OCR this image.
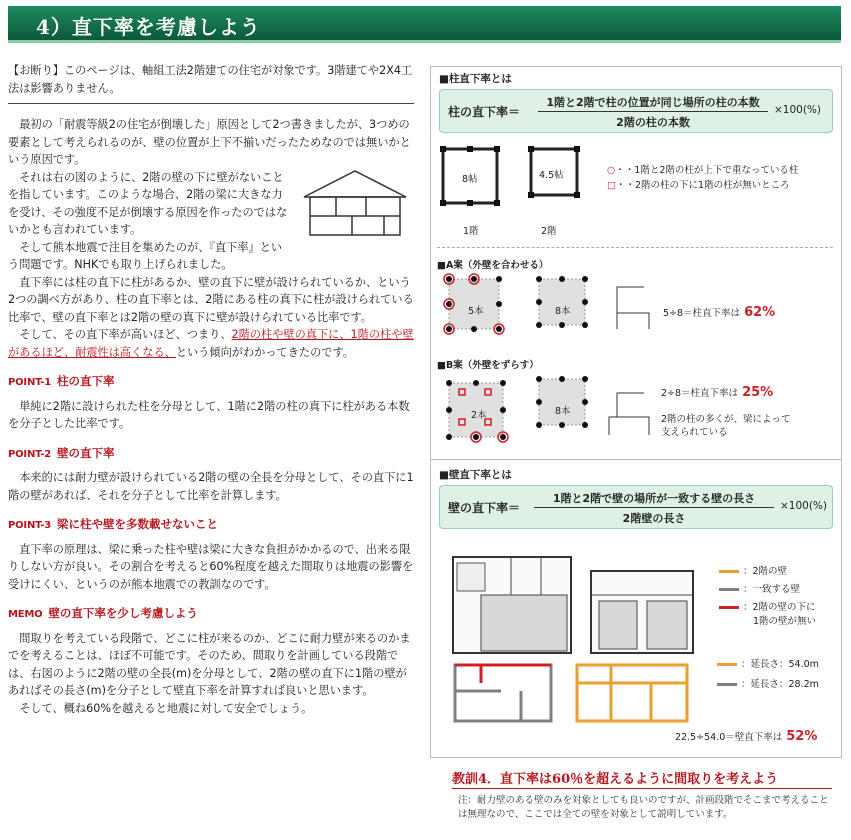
4）直下率を考慮しよう

【お断り】このページは、軸組工法2階建ての住宅が対象です。3階建てや2X4工法は影響ありません。

最初の「耐震等級2の住宅が倒壊した」原因として2つ書きましたが、3つめの要素として考えられるのが、壁の位置が上下不揃いだったためなのでは無いかという原因です。

それは右の図のように、2階の壁の下に壁がないことを指しています。このような場合、2階の梁に大きな力を受け、その強度不足が倒壊する原因を作ったのではないかとも言われています。

そして熊本地震で注目を集めたのが、『直下率』という問題です。NHKでも取り上げられました。

直下率には柱の直下に柱があるか、壁の直下に壁が設けられているか、という2つの調べ方があり、柱の直下率とは、2階にある柱の真下に柱が設けられている比率で、壁の直下率とは2階の壁の真下に壁が設けられている比率です。

そして、その直下率が高いほど、つまり、2階の柱や壁の真下に、1階の柱や壁があるほど、耐震性は高くなる、という傾向がわかってきたのです。

POINT-1 柱の直下率

単純に2階に設けられた柱を分母として、1階に2階の柱の真下に柱がある本数を分子とした比率です。

POINT-2 壁の直下率

本来的には耐力壁が設けられている2階の壁の全長を分母として、その直下に1階の壁があれば、それを分子として比率を計算します。

POINT-3 梁に柱や壁を多数載せないこと

直下率の原理は、梁に乗った柱や壁は梁に大きな負担がかかるので、出来る限りしない方が良い。その割合を考えると60%程度を越えた間取りは地震の影響を受けにくい、というのが熊本地震での教訓なのです。

MEMO 壁の直下率を少し考慮しよう

間取りを考えている段階で、どこに柱が来るのか、どこに耐力壁が来るのかまでを考えることは、ほぼ不可能です。そのため、間取りを計画している段階では、右図のように2階の壁の全長(m)を分母として、2階の壁の直下に1階の壁があればその長さ(m)を分子として壁直下率を計算すれば良いと思います。

そして、概ね60%を越えると地震に対して安全でしょう。

■柱直下率とは
柱の直下率＝
1階と2階で柱の位置が同じ場所の柱の本数
2階の柱の本数
×100(%)
8帖	4.5帖
1階	2階
○・・1階と2階の柱が上下で重なっている柱
□・・2階の柱の下に1階の柱が無いところ
■A案（外壁を合わせる）
5本	8本	5÷8＝柱直下率は 62%
■B案（外壁をずらす）
2本	8本
2÷8＝柱直下率は 25%
2階の柱の多くが、梁によって
支えられている
■壁直下率とは
壁の直下率＝
1階と2階で壁の場所が一致する壁の長さ
2階壁の長さ
×100(%)
：2階の壁
：一致する壁
：2階の壁の下に
1階の壁が無い
：延長さ：54.0m
：延長さ：28.2m
22.5÷54.0＝壁直下率は 52%
教訓4．直下率は60％を超えるように間取りを考えよう
注：耐力壁のある壁のみを対象としても良いのですが、計画段階でそこまで考えることは無理なので、ここでは全ての壁を対象として説明しています。
